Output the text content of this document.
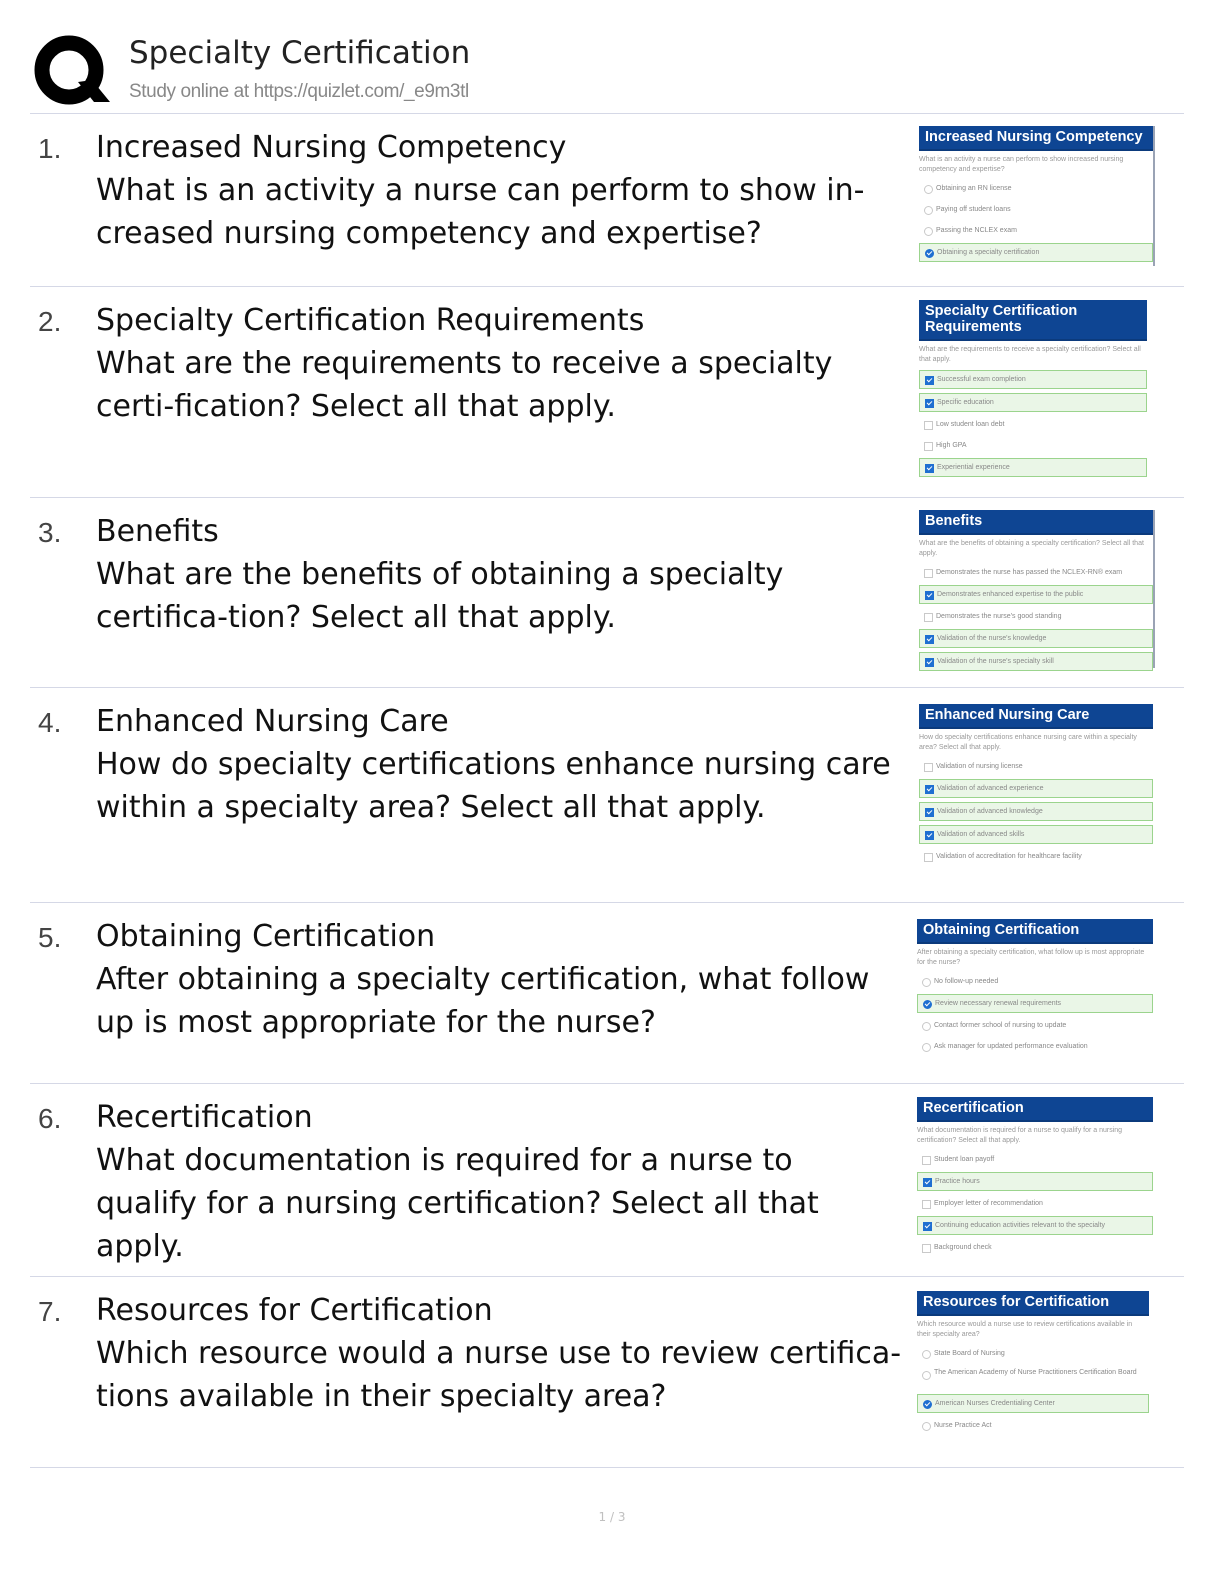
Specialty Certification
Study online at https://quizlet.com/_e9m3tl
1. Increased Nursing Competency
What is an activity a nurse can perform to show in-creased nursing competency and expertise?
Increased Nursing Competency
What is an activity a nurse can perform to show increased nursing competency and expertise?
Obtaining an RN license
Paying off student loans
Passing the NCLEX exam
Obtaining a specialty certification
2. Specialty Certification Requirements
What are the requirements to receive a specialty certi-fication? Select all that apply.
Specialty Certification Requirements
What are the requirements to receive a specialty certification? Select all that apply.
Successful exam completion
Specific education
Low student loan debt
High GPA
Experiential experience
3. Benefits
What are the benefits of obtaining a specialty certifica-tion? Select all that apply.
Benefits
What are the benefits of obtaining a specialty certification? Select all that apply.
Demonstrates the nurse has passed the NCLEX-RN® exam
Demonstrates enhanced expertise to the public
Demonstrates the nurse's good standing
Validation of the nurse's knowledge
Validation of the nurse's specialty skill
4. Enhanced Nursing Care
How do specialty certifications enhance nursing care within a specialty area? Select all that apply.
Enhanced Nursing Care
How do specialty certifications enhance nursing care within a specialty area? Select all that apply.
Validation of nursing license
Validation of advanced experience
Validation of advanced knowledge
Validation of advanced skills
Validation of accreditation for healthcare facility
5. Obtaining Certification
After obtaining a specialty certification, what follow up is most appropriate for the nurse?
Obtaining Certification
After obtaining a specialty certification, what follow up is most appropriate for the nurse?
No follow-up needed
Review necessary renewal requirements
Contact former school of nursing to update
Ask manager for updated performance evaluation
6. Recertification
What documentation is required for a nurse to qualify for a nursing certification? Select all that apply.
Recertification
What documentation is required for a nurse to qualify for a nursing certification? Select all that apply.
Student loan payoff
Practice hours
Employer letter of recommendation
Continuing education activities relevant to the specialty
Background check
7. Resources for Certification
Which resource would a nurse use to review certifica-tions available in their specialty area?
Resources for Certification
Which resource would a nurse use to review certifications available in their specialty area?
State Board of Nursing
The American Academy of Nurse Practitioners Certification Board
American Nurses Credentialing Center
Nurse Practice Act
1 / 3
